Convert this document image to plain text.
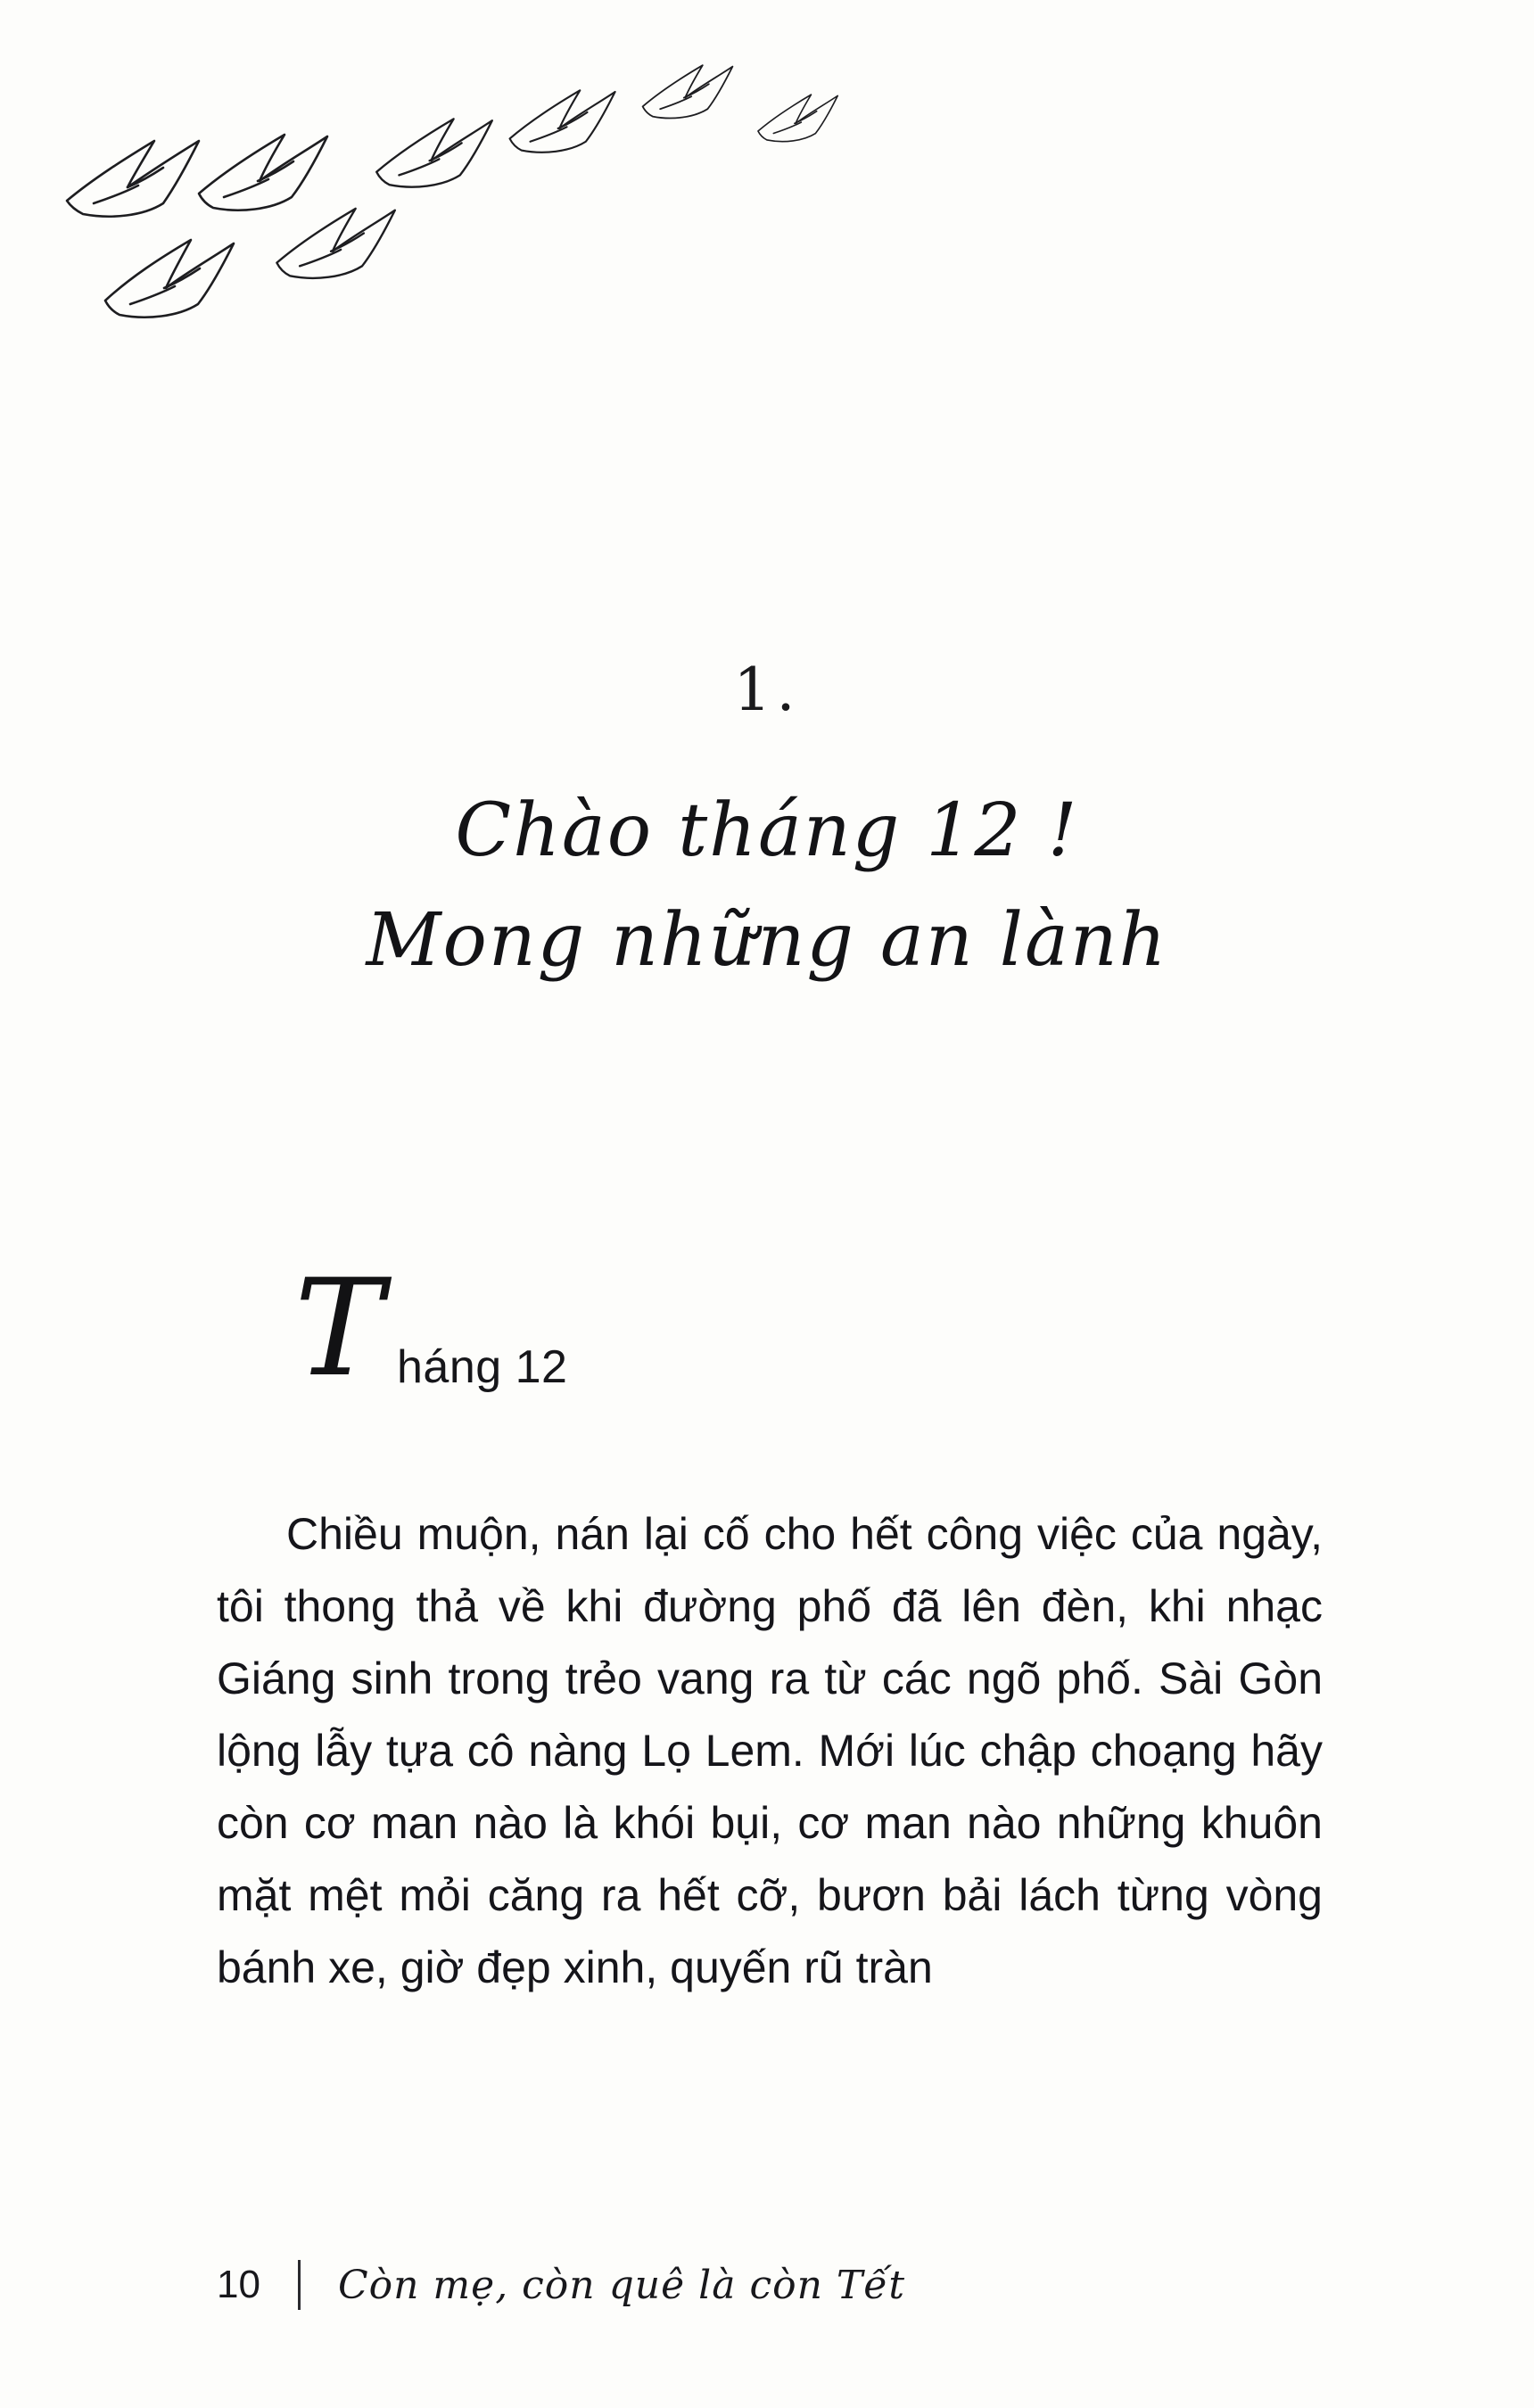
1.
Chào tháng 12 !
Mong những an lành
T háng 12

Chiều muộn, nán lại cố cho hết công việc của ngày, tôi thong thả về khi đường phố đã lên đèn, khi nhạc Giáng sinh trong trẻo vang ra từ các ngõ phố. Sài Gòn lộng lẫy tựa cô nàng Lọ Lem. Mới lúc chập choạng hãy còn cơ man nào là khói bụi, cơ man nào những khuôn mặt mệt mỏi căng ra hết cỡ, bươn bải lách từng vòng bánh xe, giờ đẹp xinh, quyến rũ tràn

10 Còn mẹ, còn quê là còn Tết
